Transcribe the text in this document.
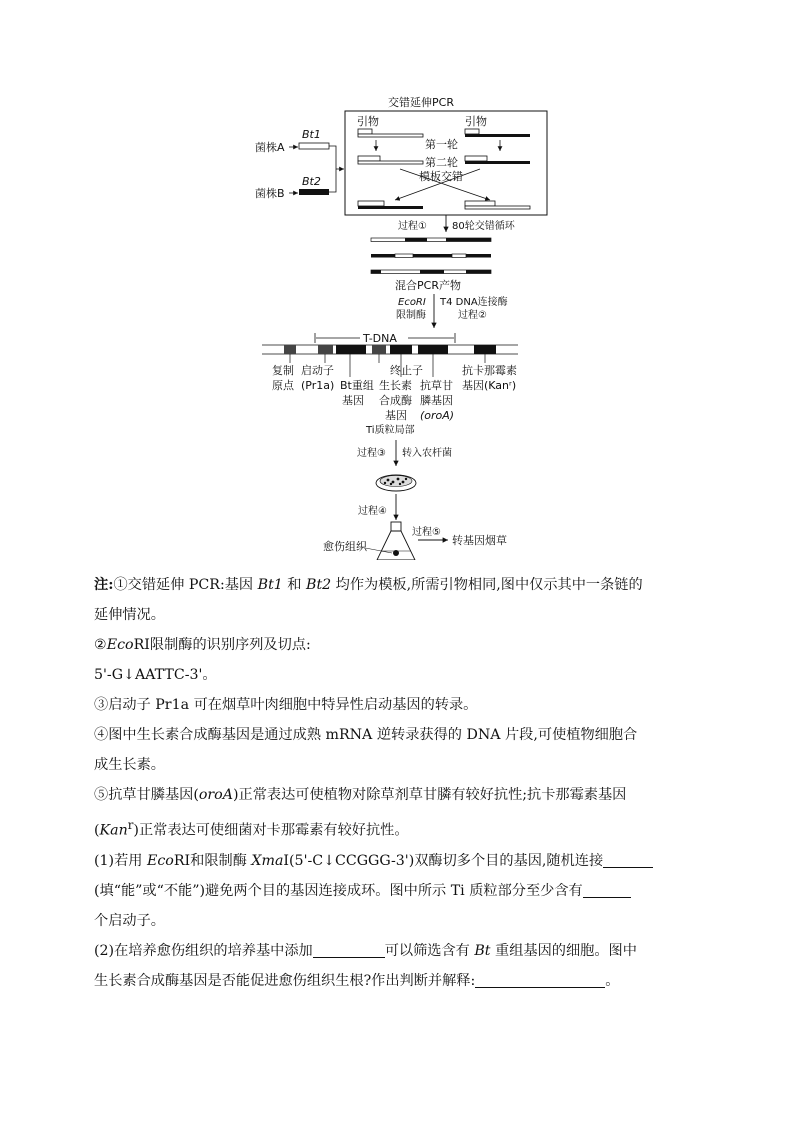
交错延伸PCR
引物	引物
第一轮
第二轮
模板交错
菌株A
Bt1
菌株B
Bt2
过程①	80轮交错循环
混合PCR产物
EcoRⅠ
限制酶
T4 DNA连接酶
过程②
T-DNA
复制
原点
启动子
(Pr1a) Bt重组
基因
终止子
生长素
合成酶
基因
抗草甘
膦基因
(oroA)
抗卡那霉素
基因(Kanʳ)
Ti质粒局部
过程③ 转入农杆菌
过程④
愈伤组织
过程⑤
转基因烟草

注:①交错延伸 PCR:基因 Bt1 和 Bt2 均作为模板,所需引物相同,图中仅示其中一条链的

延伸情况。

②EcoRⅠ限制酶的识别序列及切点:

5'-G↓AATTC-3'。

③启动子 Pr1a 可在烟草叶肉细胞中特异性启动基因的转录。

④图中生长素合成酶基因是通过成熟 mRNA 逆转录获得的 DNA 片段,可使植物细胞合

成生长素。

⑤抗草甘膦基因(oroA)正常表达可使植物对除草剂草甘膦有较好抗性;抗卡那霉素基因

(Kan$^r$)正常表达可使细菌对卡那霉素有较好抗性。

(1)若用 EcoRⅠ和限制酶 XmaⅠ(5'-C↓CCGGG-3')双酶切多个目的基因,随机连接

(填“能”或“不能”)避免两个目的基因连接成环。图中所示 Ti 质粒部分至少含有

个启动子。

(2)在培养愈伤组织的培养基中添加	可以筛选含有 Bt 重组基因的细胞。图中

生长素合成酶基因是否能促进愈伤组织生根?作出判断并解释:	。
